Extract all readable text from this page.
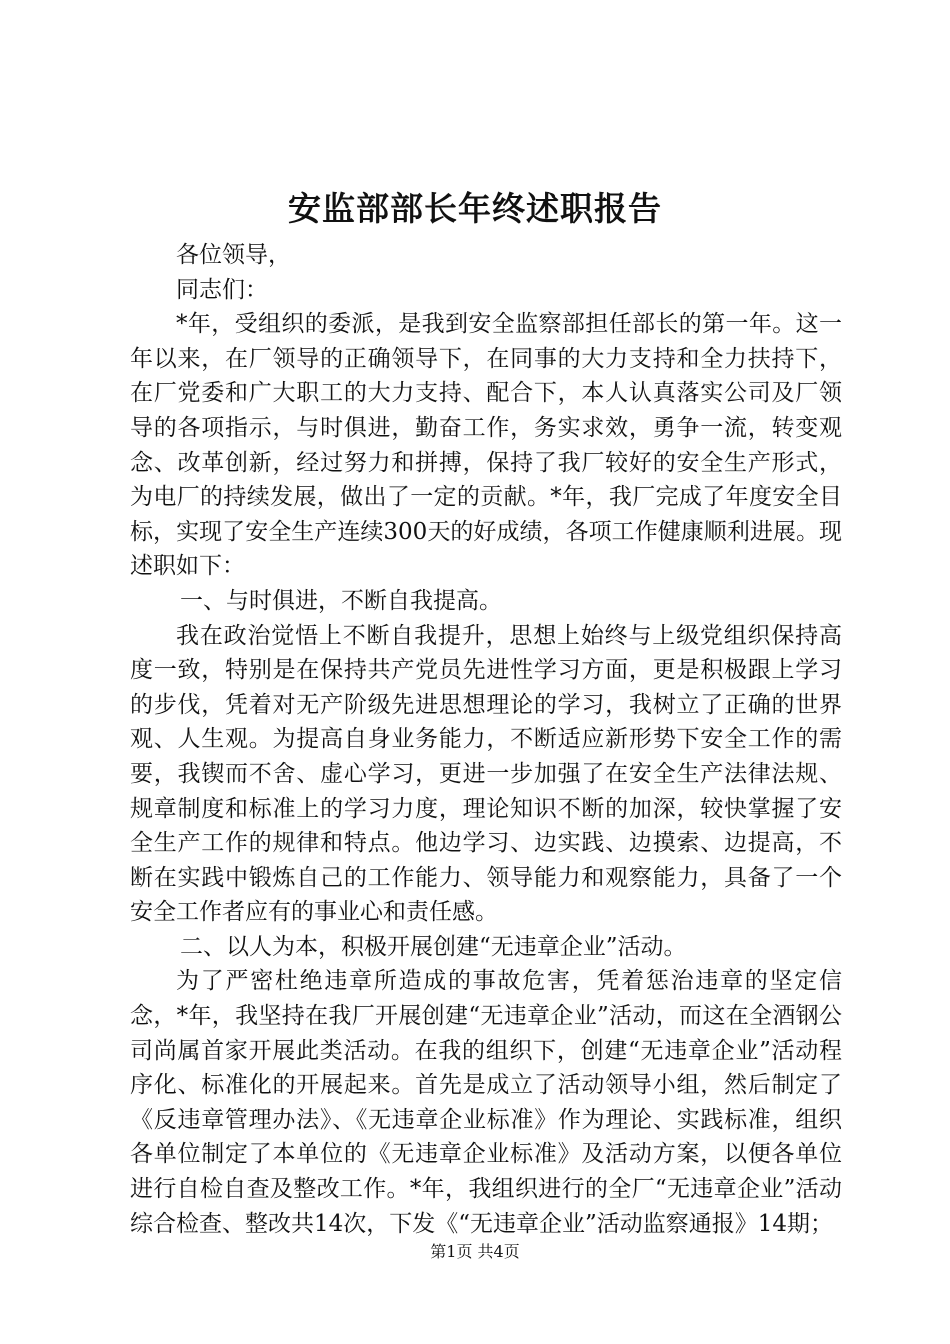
安监部部长年终述职报告

各位领导，

同志们：

*年，受组织的委派，是我到安全监察部担任部长的第一年。这一年以来，在厂领导的正确领导下，在同事的大力支持和全力扶持下，在厂党委和广大职工的大力支持、配合下，本人认真落实公司及厂领导的各项指示，与时俱进，勤奋工作，务实求效，勇争一流，转变观念、改革创新，经过努力和拼搏，保持了我厂较好的安全生产形式，为电厂的持续发展，做出了一定的贡献。*年，我厂完成了年度安全目标，实现了安全生产连续300天的好成绩，各项工作健康顺利进展。现述职如下：

一、与时俱进，不断自我提高。

我在政治觉悟上不断自我提升，思想上始终与上级党组织保持高度一致，特别是在保持共产党员先进性学习方面，更是积极跟上学习的步伐，凭着对无产阶级先进思想理论的学习，我树立了正确的世界观、人生观。为提高自身业务能力，不断适应新形势下安全工作的需要，我锲而不舍、虚心学习，更进一步加强了在安全生产法律法规、规章制度和标准上的学习力度，理论知识不断的加深，较快掌握了安全生产工作的规律和特点。他边学习、边实践、边摸索、边提高，不断在实践中锻炼自己的工作能力、领导能力和观察能力，具备了一个安全工作者应有的事业心和责任感。

二、以人为本，积极开展创建“无违章企业”活动。

为了严密杜绝违章所造成的事故危害，凭着惩治违章的坚定信念，*年，我坚持在我厂开展创建“无违章企业”活动，而这在全酒钢公司尚属首家开展此类活动。在我的组织下，创建“无违章企业”活动程序化、标准化的开展起来。首先是成立了活动领导小组，然后制定了《反违章管理办法》、《无违章企业标准》作为理论、实践标准，组织各单位制定了本单位的《无违章企业标准》及活动方案，以便各单位进行自检自查及整改工作。*年，我组织进行的全厂“无违章企业”活动综合检查、整改共14次，下发《“无违章企业”活动监察通报》14期；

第1页 共4页
